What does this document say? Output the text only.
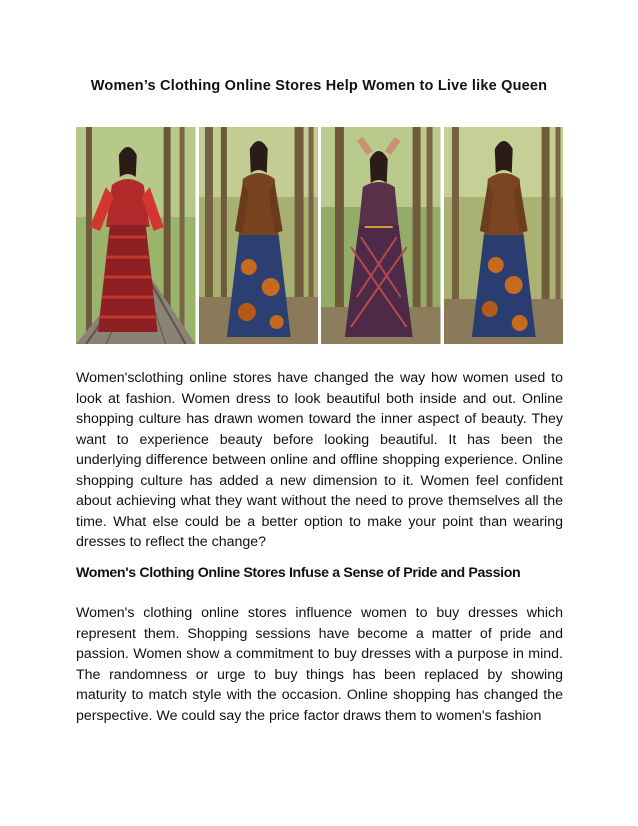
Women’s Clothing Online Stores Help Women to Live like Queen

Women'sclothing online stores have changed the way how women used to look at fashion. Women dress to look beautiful both inside and out. Online shopping culture has drawn women toward the inner aspect of beauty. They want to experience beauty before looking beautiful. It has been the underlying difference between online and offline shopping experience. Online shopping culture has added a new dimension to it. Women feel confident about achieving what they want without the need to prove themselves all the time. What else could be a better option to make your point than wearing dresses to reflect the change?

Women's Clothing Online Stores Infuse a Sense of Pride and Passion

Women's clothing online stores influence women to buy dresses which represent them. Shopping sessions have become a matter of pride and passion. Women show a commitment to buy dresses with a purpose in mind. The randomness or urge to buy things has been replaced by showing maturity to match style with the occasion. Online shopping has changed the perspective. We could say the price factor draws them to women's fashion
